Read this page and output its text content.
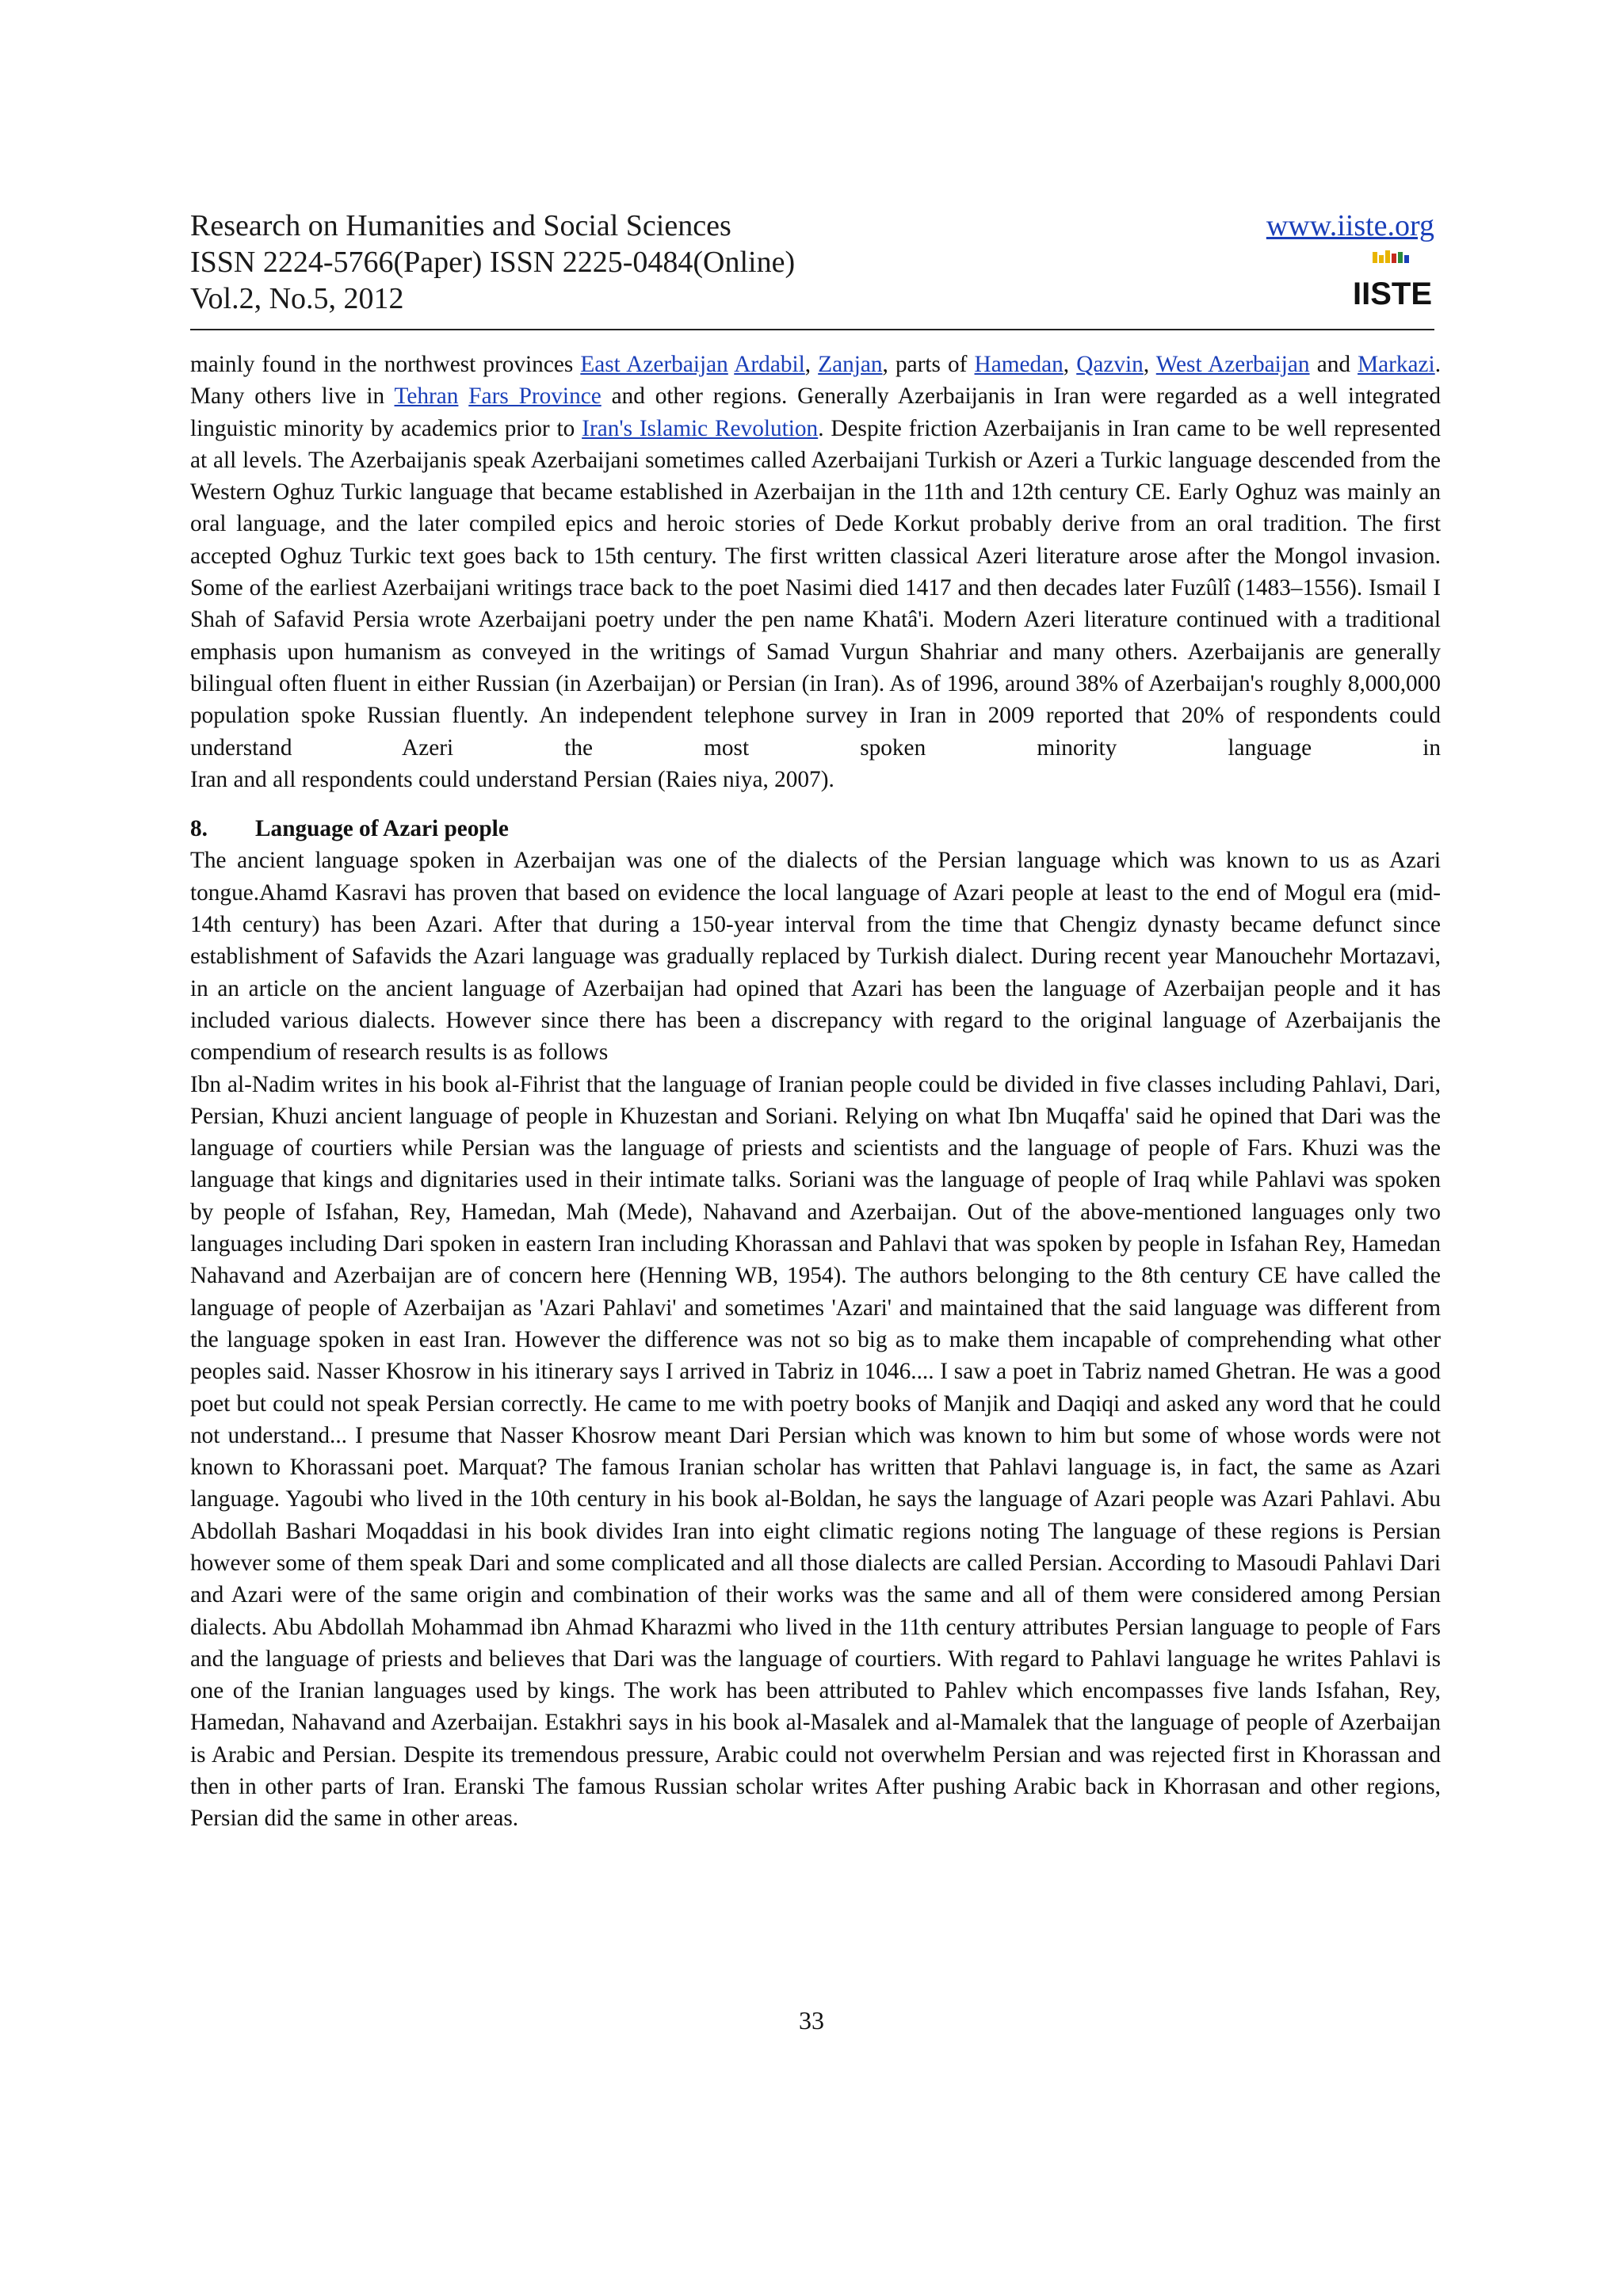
Research on Humanities and Social Sciences
ISSN 2224-5766(Paper) ISSN 2225-0484(Online)
Vol.2, No.5, 2012
www.iiste.org
IISTE

mainly found in the northwest provinces East Azerbaijan Ardabil, Zanjan, parts of Hamedan, Qazvin, West Azerbaijan and Markazi. Many others live in Tehran Fars Province and other regions. Generally Azerbaijanis in Iran were regarded as a well integrated linguistic minority by academics prior to Iran's Islamic Revolution. Despite friction Azerbaijanis in Iran came to be well represented at all levels. The Azerbaijanis speak Azerbaijani sometimes called Azerbaijani Turkish or Azeri a Turkic language descended from the Western Oghuz Turkic language that became established in Azerbaijan in the 11th and 12th century CE. Early Oghuz was mainly an oral language, and the later compiled epics and heroic stories of Dede Korkut probably derive from an oral tradition. The first accepted Oghuz Turkic text goes back to 15th century. The first written classical Azeri literature arose after the Mongol invasion. Some of the earliest Azerbaijani writings trace back to the poet Nasimi died 1417 and then decades later Fuzûlî (1483–1556). Ismail I Shah of Safavid Persia wrote Azerbaijani poetry under the pen name Khatâ'i. Modern Azeri literature continued with a traditional emphasis upon humanism as conveyed in the writings of Samad Vurgun Shahriar and many others. Azerbaijanis are generally bilingual often fluent in either Russian (in Azerbaijan) or Persian (in Iran). As of 1996, around 38% of Azerbaijan's roughly 8,000,000 population spoke Russian fluently. An independent telephone survey in Iran in 2009 reported that 20% of respondents could understand Azeri the most spoken minority language in
Iran and all respondents could understand Persian (Raies niya, 2007).

8. Language of Azari people

The ancient language spoken in Azerbaijan was one of the dialects of the Persian language which was known to us as Azari tongue.Ahamd Kasravi has proven that based on evidence the local language of Azari people at least to the end of Mogul era (mid-14th century) has been Azari. After that during a 150-year interval from the time that Chengiz dynasty became defunct since establishment of Safavids the Azari language was gradually replaced by Turkish dialect. During recent year Manouchehr Mortazavi, in an article on the ancient language of Azerbaijan had opined that Azari has been the language of Azerbaijan people and it has included various dialects. However since there has been a discrepancy with regard to the original language of Azerbaijanis the compendium of research results is as follows

Ibn al-Nadim writes in his book al-Fihrist that the language of Iranian people could be divided in five classes including Pahlavi, Dari, Persian, Khuzi ancient language of people in Khuzestan and Soriani. Relying on what Ibn Muqaffa' said he opined that Dari was the language of courtiers while Persian was the language of priests and scientists and the language of people of Fars. Khuzi was the language that kings and dignitaries used in their intimate talks. Soriani was the language of people of Iraq while Pahlavi was spoken by people of Isfahan, Rey, Hamedan, Mah (Mede), Nahavand and Azerbaijan. Out of the above-mentioned languages only two languages including Dari spoken in eastern Iran including Khorassan and Pahlavi that was spoken by people in Isfahan Rey, Hamedan Nahavand and Azerbaijan are of concern here (Henning WB, 1954). The authors belonging to the 8th century CE have called the language of people of Azerbaijan as 'Azari Pahlavi' and sometimes 'Azari' and maintained that the said language was different from the language spoken in east Iran. However the difference was not so big as to make them incapable of comprehending what other peoples said. Nasser Khosrow in his itinerary says I arrived in Tabriz in 1046.... I saw a poet in Tabriz named Ghetran. He was a good poet but could not speak Persian correctly. He came to me with poetry books of Manjik and Daqiqi and asked any word that he could not understand... I presume that Nasser Khosrow meant Dari Persian which was known to him but some of whose words were not known to Khorassani poet. Marquat? The famous Iranian scholar has written that Pahlavi language is, in fact, the same as Azari language. Yagoubi who lived in the 10th century in his book al-Boldan, he says the language of Azari people was Azari Pahlavi. Abu Abdollah Bashari Moqaddasi in his book divides Iran into eight climatic regions noting The language of these regions is Persian however some of them speak Dari and some complicated and all those dialects are called Persian. According to Masoudi Pahlavi Dari and Azari were of the same origin and combination of their works was the same and all of them were considered among Persian dialects. Abu Abdollah Mohammad ibn Ahmad Kharazmi who lived in the 11th century attributes Persian language to people of Fars and the language of priests and believes that Dari was the language of courtiers. With regard to Pahlavi language he writes Pahlavi is one of the Iranian languages used by kings. The work has been attributed to Pahlev which encompasses five lands Isfahan, Rey, Hamedan, Nahavand and Azerbaijan. Estakhri says in his book al-Masalek and al-Mamalek that the language of people of Azerbaijan is Arabic and Persian. Despite its tremendous pressure, Arabic could not overwhelm Persian and was rejected first in Khorassan and then in other parts of Iran. Eranski The famous Russian scholar writes After pushing Arabic back in Khorrasan and other regions, Persian did the same in other areas.

33
